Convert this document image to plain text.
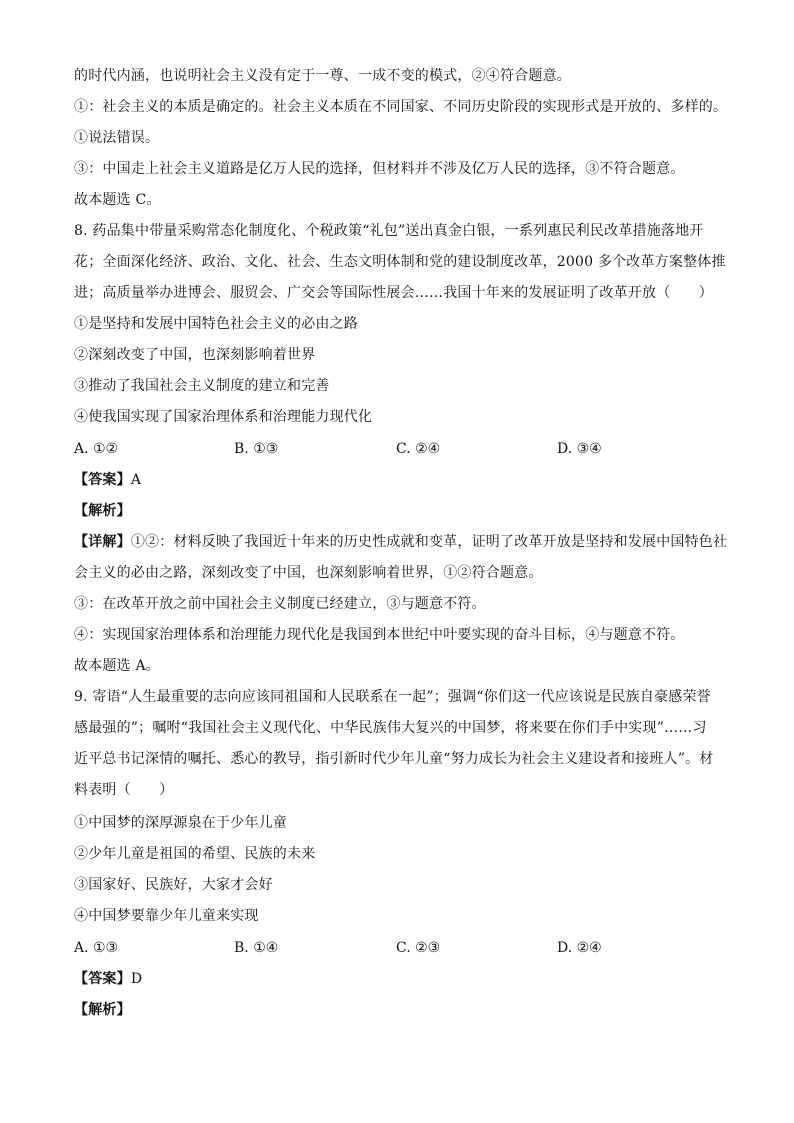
的时代内涵，也说明社会主义没有定于一尊、一成不变的模式，②④符合题意。
①：社会主义的本质是确定的。社会主义本质在不同国家、不同历史阶段的实现形式是开放的、多样的。
①说法错误。
③：中国走上社会主义道路是亿万人民的选择，但材料并不涉及亿万人民的选择，③不符合题意。
故本题选 C。
8. 药品集中带量采购常态化制度化、个税政策“礼包”送出真金白银，一系列惠民利民改革措施落地开
花；全面深化经济、政治、文化、社会、生态文明体制和党的建设制度改革，2000 多个改革方案整体推
进；高质量举办进博会、服贸会、广交会等国际性展会……我国十年来的发展证明了改革开放（　　）
①是坚持和发展中国特色社会主义的必由之路
②深刻改变了中国，也深刻影响着世界
③推动了我国社会主义制度的建立和完善
④使我国实现了国家治理体系和治理能力现代化
A. ①②	B. ①③	C. ②④	D. ③④
【答案】A
【解析】
【详解】①②：材料反映了我国近十年来的历史性成就和变革，证明了改革开放是坚持和发展中国特色社
会主义的必由之路，深刻改变了中国，也深刻影响着世界，①②符合题意。
③：在改革开放之前中国社会主义制度已经建立，③与题意不符。
④：实现国家治理体系和治理能力现代化是我国到本世纪中叶要实现的奋斗目标，④与题意不符。
故本题选 A。
9. 寄语“人生最重要的志向应该同祖国和人民联系在一起”；强调“你们这一代应该说是民族自豪感荣誉
感最强的”；嘱咐“我国社会主义现代化、中华民族伟大复兴的中国梦，将来要在你们手中实现”……习
近平总书记深情的嘱托、悉心的教导，指引新时代少年儿童“努力成长为社会主义建设者和接班人”。材
料表明（　　）
①中国梦的深厚源泉在于少年儿童
②少年儿童是祖国的希望、民族的未来
③国家好、民族好，大家才会好
④中国梦要靠少年儿童来实现
A. ①③	B. ①④	C. ②③	D. ②④
【答案】D
【解析】
